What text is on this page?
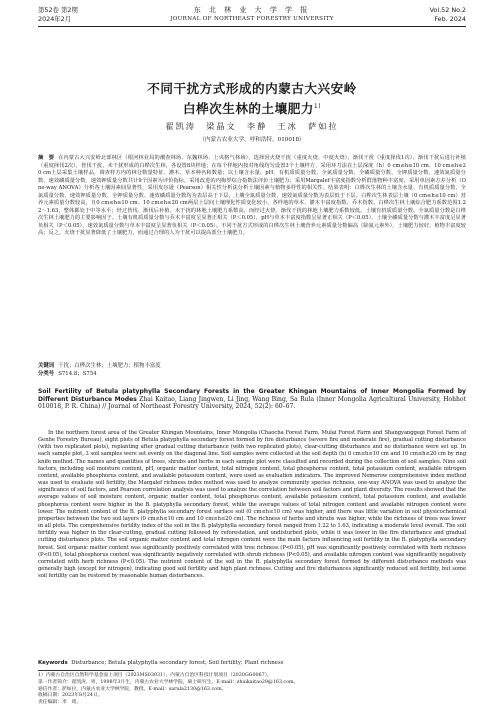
第52卷 第2期
2024年2月
东 北 林 业 大 学 学 报
JOURNAL OF NORTHEAST FORESTRY UNIVERSITY
Vol.52 No.2
Feb. 2024
不同干扰方式形成的内蒙古大兴安岭
白桦次生林的土壤肥力$^{1)}$
翟凯涛　梁晶文　李静　王冰　萨如拉
（内蒙古农业大学，呼和浩特，010018）
摘　要 在内蒙古大兴安岭北部林区（根河林业局的潮查林场、东魏林场、上央格气林场），选择因火烧干扰（重度火烧、中度火烧）、渐伐干扰（重度择伐1次）、渐伐干扰后进行补植（重度择伐2次），皆伐干扰、未干扰形成的白桦次生林，各设置8块样地；在每个样地内按对角线均匀设置3个土壤样方，采用环刀法在土层深度（h）0 cm≤h≤10 cm、10 cm≤h≤20 cm土层采集土壤样品，调查样方内的林分数量特征、灌木、草本种名和数量；以土壤含水量、pH、有机质质量分数、全氮质量分数、全磷质量分数、全钾质量分数、速效氮质量分数、速效磷质量分数、速效钾质量分数共计9个因素为评价指标，采用改进的内梅罗综合指数法评价土壤肥力；采用Margalef丰富度指数分析群落物种丰富度，采用单因素方差分析（One-way ANOVA）分析各土壤因素间显著性，采用皮尔逊（Pearson）相关性分析法分析土壤因素与植物多样性的相关性。结果表明：白桦次生林的土壤含水量、有机质质量分数、全氮质量分数、速效钾质量分数、全钾质量分数、速效磷质量分数均为表层高于下层，土壤全氮质量分数、速效氮质量分数为表层低于下层。白桦次生林表层土壤（0 cm≤h≤10 cm）营养元素质量分数较高，且0 cm≤h≤10 cm、10 cm≤h≤20 cm两层土层间土壤理化性质变化较小。各样地的草本、灌木丰富度指数、乔木指数。白桦次生林土壤综合肥力系数范围1.22～1.63，整体都处于中等水平；经过皆伐、渐伐后补植、未干扰的林地土壤肥力系数高，而经过火烧、渐伐干扰的林地土壤肥力系数较低。土壤有机质质量分数、全氮质量分数是白桦次生林土壤肥力的主要影响因子。土壤有机质质量分数与乔木丰富度呈显著正相关（P＜0.05），pH与草本丰富度指数呈显著正相关（P＜0.05），土壤全磷质量分数与灌木丰富度呈显著负相关（P＜0.05），速效氮质量分数与草本丰富度呈显著负相关（P＜0.05）。不同干扰方式形成的白桦次生林土壤营养元素质量分数偏高（除氮元素外），土壤肥力较好，植物丰富度较高；反之，火烧干扰显著降低了土壤肥力，而通过合理的人为干扰可以提高部分土壤肥力。
关键词 干扰；白桦次生林；土壤肥力；植物丰富度
分类号 S714.8；S754
Soil Fertility of Betula platyphylla Secondary Forests in the Greater Khingan Mountains of Inner Mongolia Formed by Different Disturbance Modes Zhai Kaitao, Liang Jingwen, Li Jing, Wang Bing, Sa Rula (Inner Mongolia Agricultural University, Hohhot 010018, P. R. China) // Journal of Northeast Forestry University, 2024, 52(2): 60–67.
In the northern forest area of the Greater Khingan Mountains, Inner Mongolia (Chaocha Forest Farm, Mulai Forest Farm and Shangyanggegi Forest Farm of Genhe Forestry Bureau), eight plots of Betula platyphylla secondary forest formed by fire disturbance (severe fire and moderate fire), gradual cutting disturbance (with two replicated plots), replanting after gradual cutting disturbance (with two replicated plots), clear-cutting disturbance and no disturbance were set up. In each sample plot, 3 soil samples were set evenly on the diagonal line. Soil samples were collected at the soil depth (h) 0 cm≤h≤10 cm and 10 cm≤h≤20 cm by ring knife method. The names and quantities of trees, shrubs and herbs in each sample plot were classified and recorded during the collection of soil samples. Nine soil factors, including soil moisture content, pH, organic matter content, total nitrogen content, total phosphorus content, total potassium content, available nitrogen content, available phosphorus content, and available potassium content, were used as evaluation indicators. The improved Nemerow comprehensive index method was used to evaluate soil fertility, the Margalef richness index method was used to analyze community species richness, one-way ANOVA was used to analyze the significance of soil factors, and Pearson correlation analysis was used to analyze the correlation between soil factors and plant diversity. The results showed that the average values of soil moisture content, organic matter content, total phosphorus content, available potassium content, total potassium content, and available phosphorus content were higher in the B. platyphylla secondary forest, while the average values of total nitrogen content and available nitrogen content were lower. The nutrient content of the B. platyphylla secondary forest surface soil (0 cm≤h≤10 cm) was higher, and there was little variation in soil physicochemical properties between the two soil layers (0 cm≤h≤10 cm and 10 cm≤h≤20 cm). The richness of herbs and shrubs was higher, while the richness of trees was lower in all plots. The comprehensive fertility index of the soil in the B. platyphylla secondary forest ranged from 1.22 to 1.63, indicating a moderate level overall. The soil fertility was higher in the clear-cutting, gradual cutting followed by reforestation, and undisturbed plots, while it was lower in the fire disturbance and gradual cutting disturbance plots. The soil organic matter content and total nitrogen content were the main factors influencing soil fertility in the B. platyphylla secondary forest. Soil organic matter content was significantly positively correlated with tree richness (P<0.05), pH was significantly positively correlated with herb richness (P<0.05), total phosphorus content was significantly negatively correlated with shrub richness (P<0.05), and available nitrogen content was significantly negatively correlated with herb richness (P<0.05). The nutrient content of the soil in the B. platyphylla secondary forest formed by different disturbance methods was generally high (except for nitrogen), indicating good soil fertility and high plant richness. Cutting and fire disturbances significantly reduced soil fertility, but some soil fertility can be restored by reasonable human disturbances.
Keywords Disturbance; Betula platyphylla secondary forest; Soil fertility; Plant richness
1）内蒙古自治区自然科学基金面上项目（2023MS03031），内蒙古自治区科技计划项目（2020GG0067）。
第一作者简介：翟凯涛，男，1998年3月生，内蒙古农业大学林学院，硕士研究生。E-mail：zhaikaitao29@163.com。
通信作者：萨如拉，内蒙古农业大学林学院，教授。E-mail：sarula2130@163.com。
收稿日期：2023年8月24日。
责任编辑：李　琦。
